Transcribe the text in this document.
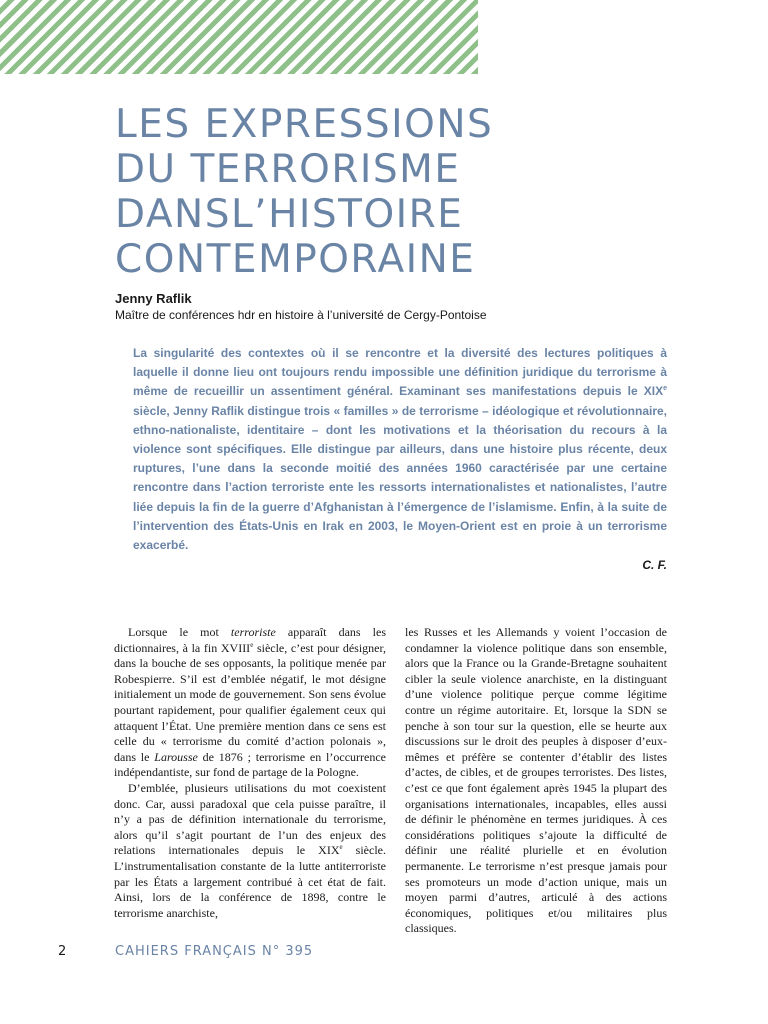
LES EXPRESSIONS
DU TERRORISME
DANSL’HISTOIRE
CONTEMPORAINE
Jenny Raflik
Maître de conférences hdr en histoire à l’université de Cergy-Pontoise

La singularité des contextes où il se rencontre et la diversité des lectures politiques à laquelle il donne lieu ont toujours rendu impossible une définition juridique du terrorisme à même de recueillir un assentiment général. Examinant ses manifestations depuis le XIXe siècle, Jenny Raflik distingue trois « familles » de terrorisme – idéologique et révolutionnaire, ethno-nationaliste, identitaire – dont les motivations et la théorisation du recours à la violence sont spécifiques. Elle distingue par ailleurs, dans une histoire plus récente, deux ruptures, l’une dans la seconde moitié des années 1960 caractérisée par une certaine rencontre dans l’action terroriste ente les ressorts internationalistes et nationalistes, l’autre liée depuis la fin de la guerre d’Afghanistan à l’émergence de l’islamisme. Enfin, à la suite de l’intervention des États-Unis en Irak en 2003, le Moyen-Orient est en proie à un terrorisme exacerbé.

C. F.

Lorsque le mot terroriste apparaît dans les dictionnaires, à la fin XVIIIe siècle, c’est pour désigner, dans la bouche de ses opposants, la politique menée par Robespierre. S’il est d’emblée négatif, le mot désigne initialement un mode de gouvernement. Son sens évolue pourtant rapidement, pour qualifier également ceux qui attaquent l’État. Une première mention dans ce sens est celle du « terrorisme du comité d’action polonais », dans le Larousse de 1876 ; terrorisme en l’occurrence indépendantiste, sur fond de partage de la Pologne.

D’emblée, plusieurs utilisations du mot coexistent donc. Car, aussi paradoxal que cela puisse paraître, il n’y a pas de définition internationale du terrorisme, alors qu’il s’agit pourtant de l’un des enjeux des relations internationales depuis le XIXe siècle. L’instrumentalisation constante de la lutte antiterroriste par les États a largement contribué à cet état de fait. Ainsi, lors de la conférence de 1898, contre le terrorisme anarchiste,

les Russes et les Allemands y voient l’occasion de condamner la violence politique dans son ensemble, alors que la France ou la Grande-Bretagne souhaitent cibler la seule violence anarchiste, en la distinguant d’une violence politique perçue comme légitime contre un régime autoritaire. Et, lorsque la SDN se penche à son tour sur la question, elle se heurte aux discussions sur le droit des peuples à disposer d’eux-mêmes et préfère se contenter d’établir des listes d’actes, de cibles, et de groupes terroristes. Des listes, c’est ce que font également après 1945 la plupart des organisations internationales, incapables, elles aussi de définir le phénomène en termes juridiques. À ces considérations politiques s’ajoute la difficulté de définir une réalité plurielle et en évolution permanente. Le terrorisme n’est presque jamais pour ses promoteurs un mode d’action unique, mais un moyen parmi d’autres, articulé à des actions économiques, politiques et/ou militaires plus classiques.

2	CAHIERS FRANÇAIS N° 395
